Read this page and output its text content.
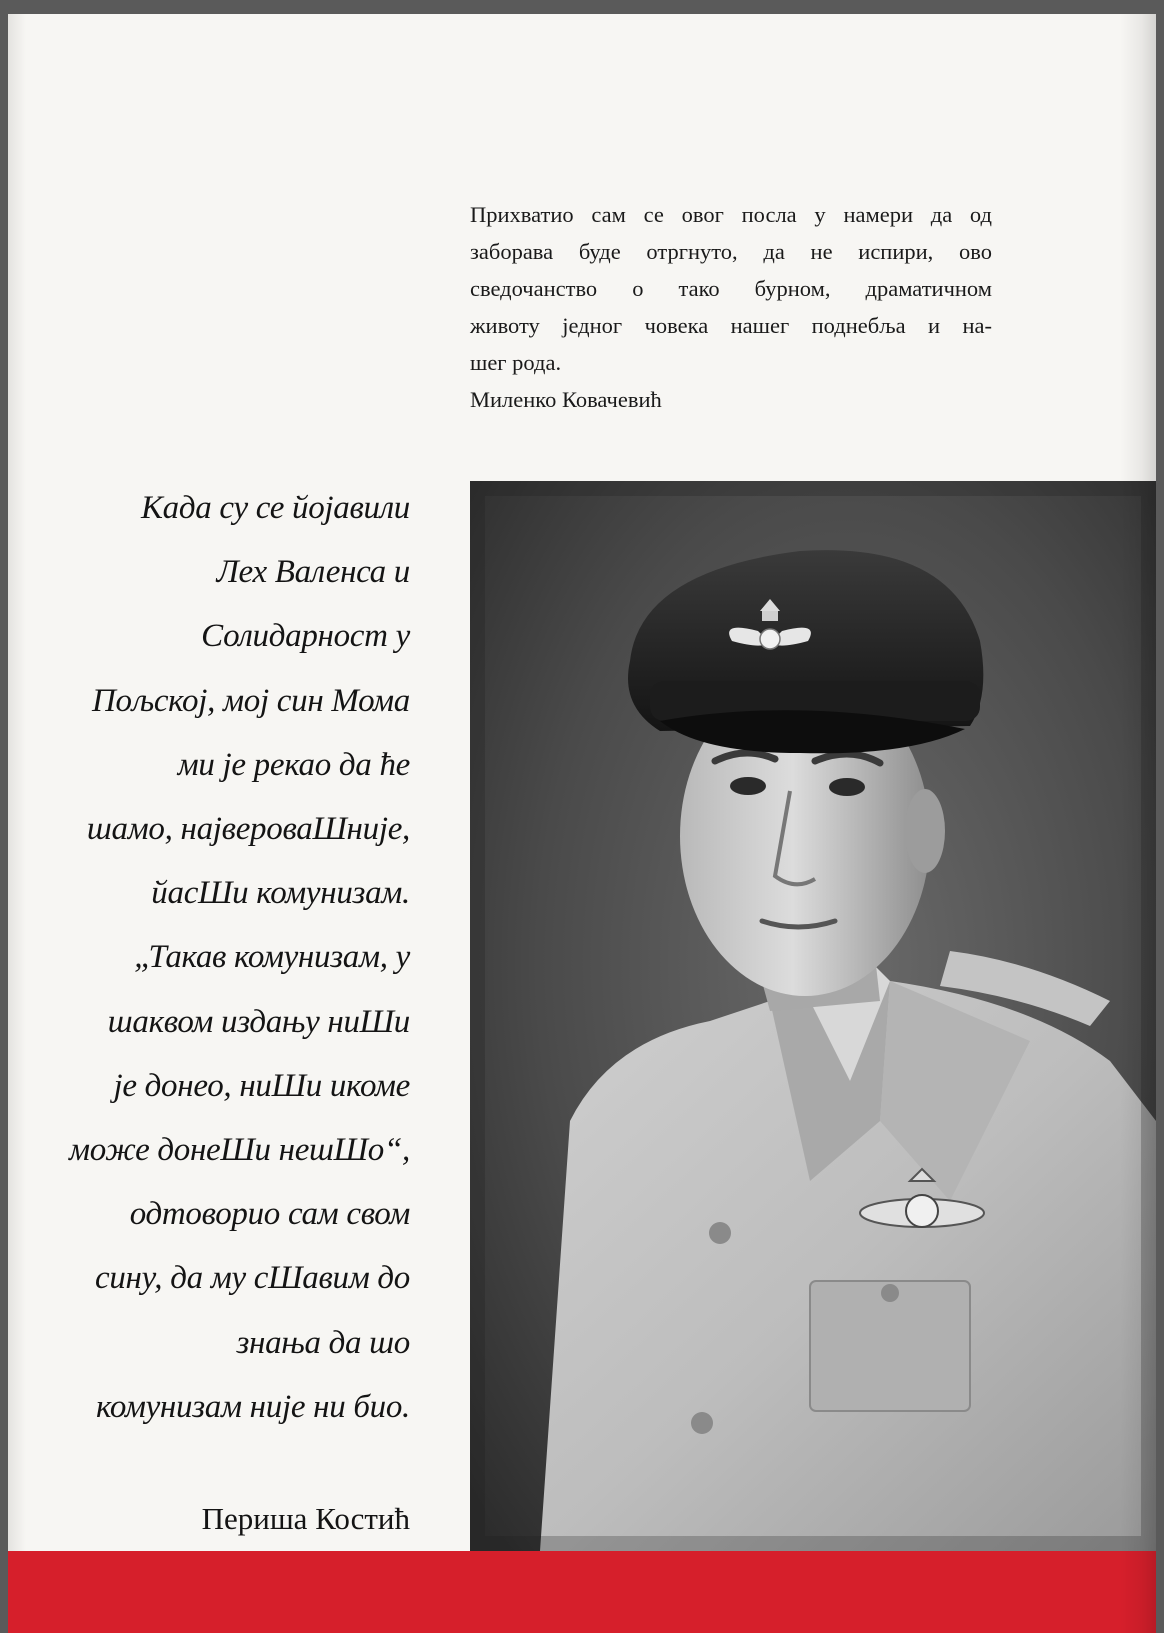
Прихватио сам се овог посла у намери да од
заборава буде отргнуто, да не испири, ово
сведочанство о тако бурном, драматичном
животу једног човека нашег поднебља и на-
шег рода.
Миленко Ковачевић
Када су се йојавили
Лех Валенса и
Солидарност у
Пољској, мој син Мома
ми је рекао да ће
шамо, највероваШније,
йасШи комунизам.
„Такав комунизам, у
шаквом издању ниШи
је донео, ниШи икоме
може донеШи нешШо“,
одтоворио сам свом
сину, да му сШавим до
знања да шо
комунизам није ни био.
Периша Костић
